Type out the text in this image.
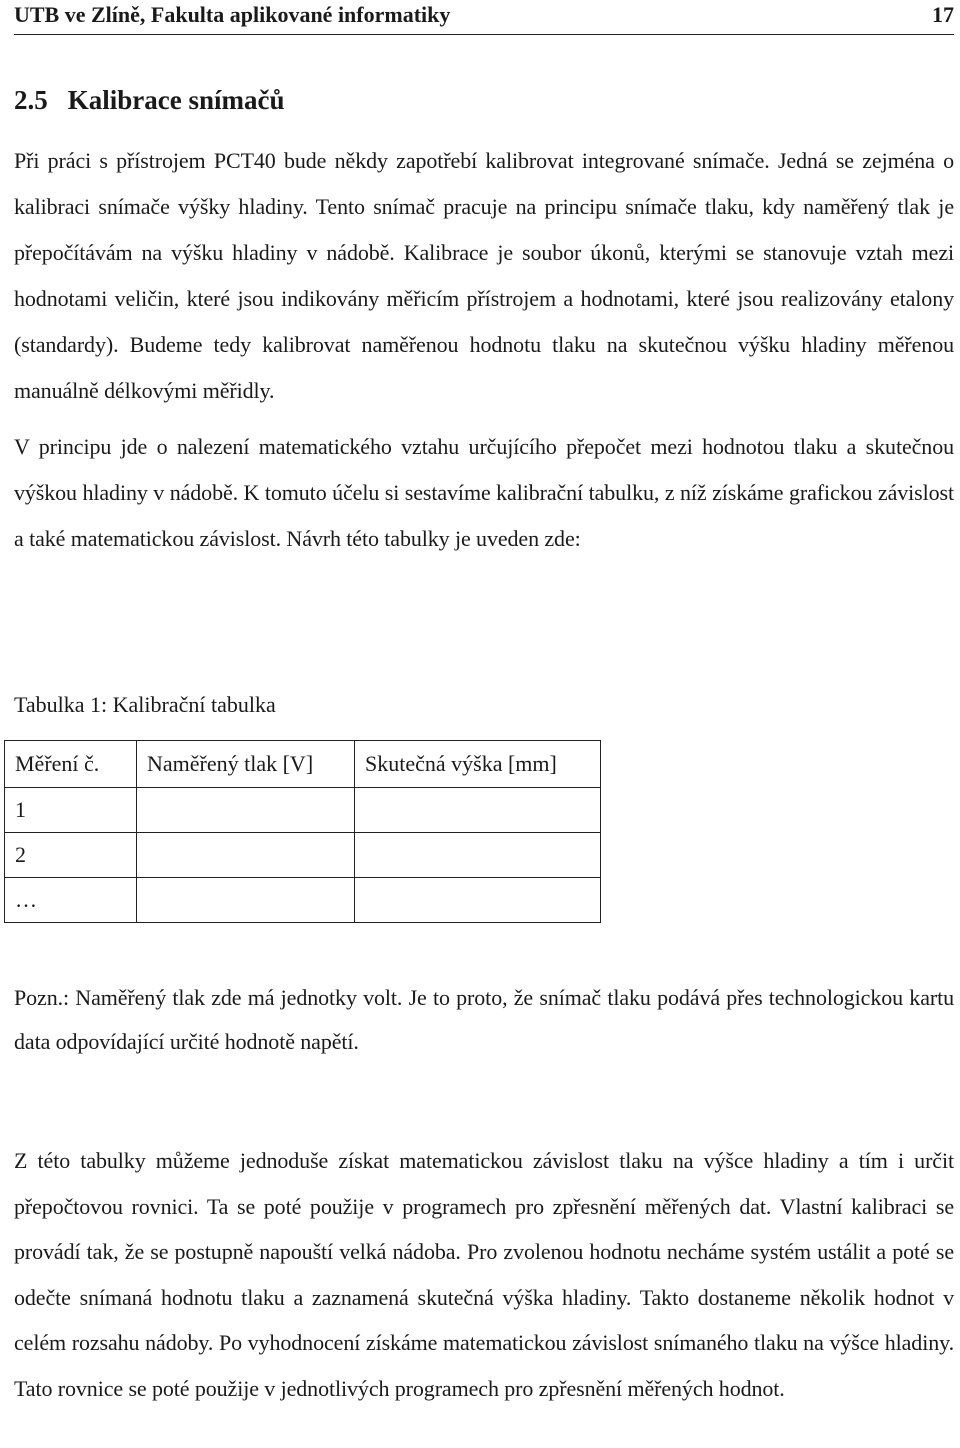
UTB ve Zlíně, Fakulta aplikované informatiky	17
2.5 Kalibrace snímačů

Při práci s přístrojem PCT40 bude někdy zapotřebí kalibrovat integrované snímače. Jedná se zejména o kalibraci snímače výšky hladiny. Tento snímač pracuje na principu snímače tlaku, kdy naměřený tlak je přepočítávám na výšku hladiny v nádobě. Kalibrace je soubor úkonů, kterými se stanovuje vztah mezi hodnotami veličin, které jsou indikovány měřicím přístrojem a hodnotami, které jsou realizovány etalony (standardy). Budeme tedy kalibrovat naměřenou hodnotu tlaku na skutečnou výšku hladiny měřenou manuálně délkovými měřidly.

V principu jde o nalezení matematického vztahu určujícího přepočet mezi hodnotou tlaku a skutečnou výškou hladiny v nádobě. K tomuto účelu si sestavíme kalibrační tabulku, z níž získáme grafickou závislost a také matematickou závislost. Návrh této tabulky je uveden zde:

Tabulka 1: Kalibrační tabulka

Měření č.	Naměřený tlak [V]	Skutečná výška [mm]
1		
2		
…		

Pozn.: Naměřený tlak zde má jednotky volt. Je to proto, že snímač tlaku podává přes technologickou kartu data odpovídající určité hodnotě napětí.

Z této tabulky můžeme jednoduše získat matematickou závislost tlaku na výšce hladiny a tím i určit přepočtovou rovnici. Ta se poté použije v programech pro zpřesnění měřených dat. Vlastní kalibraci se provádí tak, že se postupně napouští velká nádoba. Pro zvolenou hodnotu necháme systém ustálit a poté se odečte snímaná hodnotu tlaku a zaznamená skutečná výška hladiny. Takto dostaneme několik hodnot v celém rozsahu nádoby. Po vyhodnocení získáme matematickou závislost snímaného tlaku na výšce hladiny. Tato rovnice se poté použije v jednotlivých programech pro zpřesnění měřených hodnot.
